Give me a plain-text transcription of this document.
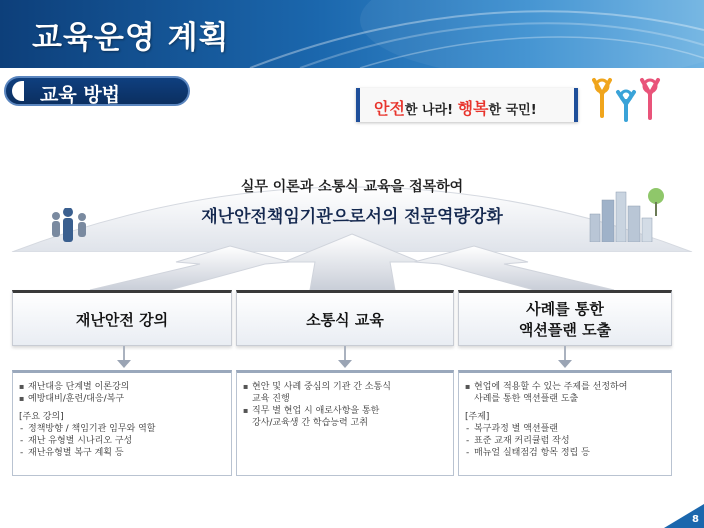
교육운영 계획
교육 방법
안전한 나라! 행복한 국민!
실무 이론과 소통식 교육을 접목하여
재난안전책임기관으로서의 전문역량강화
재난안전 강의	소통식 교육
사례를 통한
액션플랜 도출
▪ 재난대응 단계별 이론강의
▪ 예방대비/훈련/대응/복구
[주요 강의]
- 정책방향 / 책임기관 임무와 역할
- 재난 유형별 시나리오 구성
- 재난유형별 복구 계획 등
▪ 현안 및 사례 중심의 기관 간 소통식
교육 진행
▪ 직무 별 현업 시 애로사항을 통한
강사/교육생 간 학습능력 고취
▪ 현업에 적용할 수 있는 주제를 선정하여
사례를 통한 액션플랜 도출
[주제]
- 복구과정 별 액션플랜
- 표준 교재 커리큘럼 작성
- 매뉴얼 실태점검 항목 정립 등
8
